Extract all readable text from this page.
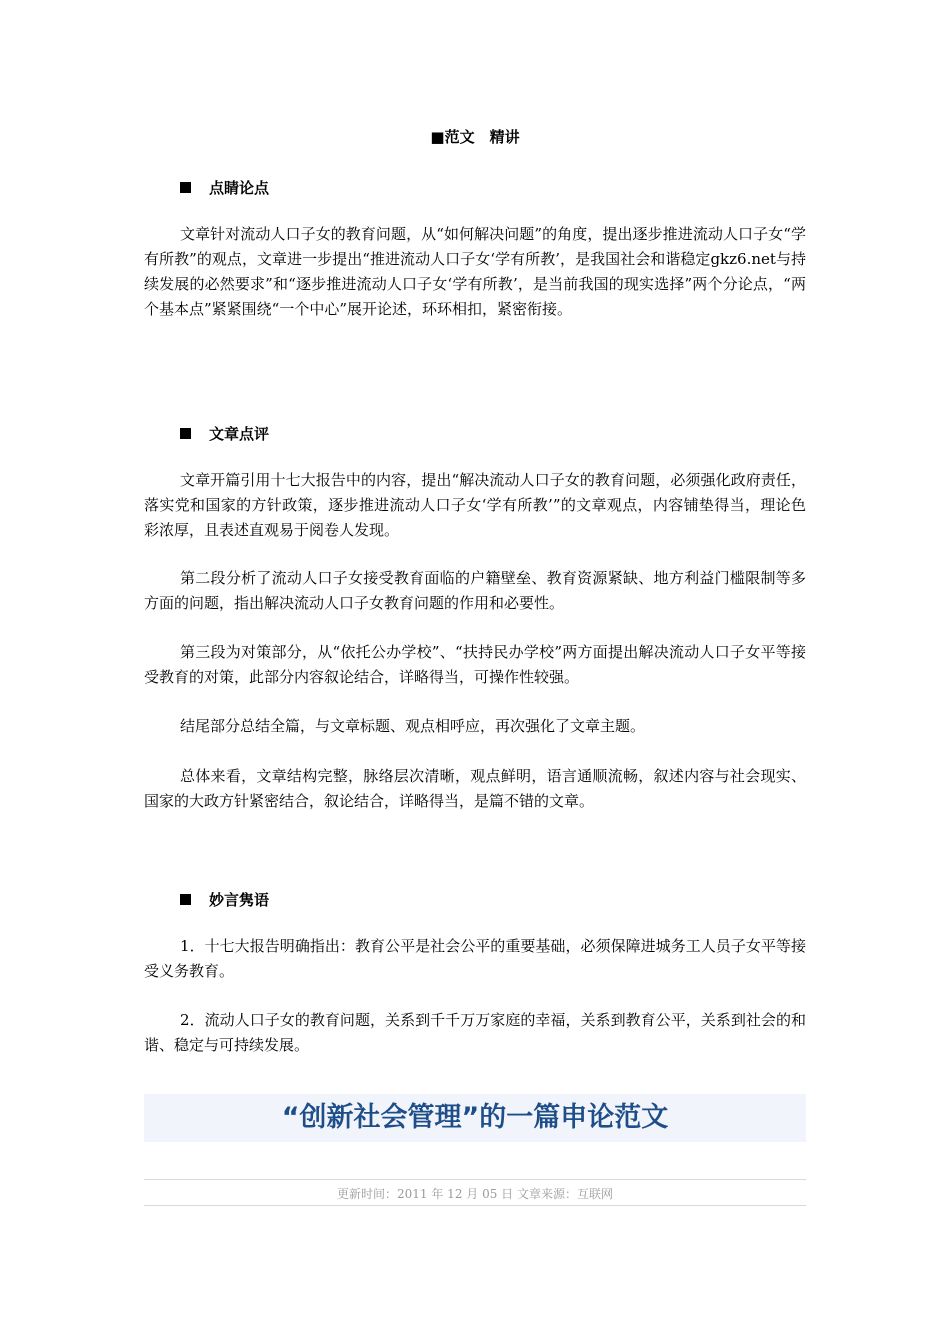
■范文　精讲
点睛论点

文章针对流动人口子女的教育问题，从“如何解决问题”的角度，提出逐步推进流动人口子女“学有所教”的观点，文章进一步提出“推进流动人口子女‘学有所教’，是我国社会和谐稳定gkz6.net与持续发展的必然要求”和“逐步推进流动人口子女‘学有所教’，是当前我国的现实选择”两个分论点，“两个基本点”紧紧围绕“一个中心”展开论述，环环相扣，紧密衔接。

文章点评

文章开篇引用十七大报告中的内容，提出“解决流动人口子女的教育问题，必须强化政府责任，落实党和国家的方针政策，逐步推进流动人口子女‘学有所教’”的文章观点，内容铺垫得当，理论色彩浓厚，且表述直观易于阅卷人发现。

第二段分析了流动人口子女接受教育面临的户籍壁垒、教育资源紧缺、地方利益门槛限制等多方面的问题，指出解决流动人口子女教育问题的作用和必要性。

第三段为对策部分，从“依托公办学校”、“扶持民办学校”两方面提出解决流动人口子女平等接受教育的对策，此部分内容叙论结合，详略得当，可操作性较强。

结尾部分总结全篇，与文章标题、观点相呼应，再次强化了文章主题。

总体来看，文章结构完整，脉络层次清晰，观点鲜明，语言通顺流畅，叙述内容与社会现实、国家的大政方针紧密结合，叙论结合，详略得当，是篇不错的文章。

妙言隽语

1．十七大报告明确指出：教育公平是社会公平的重要基础，必须保障进城务工人员子女平等接受义务教育。

2．流动人口子女的教育问题，关系到千千万万家庭的幸福，关系到教育公平，关系到社会的和谐、稳定与可持续发展。

“创新社会管理”的一篇申论范文
更新时间：2011 年 12 月 05 日 文章来源：互联网
